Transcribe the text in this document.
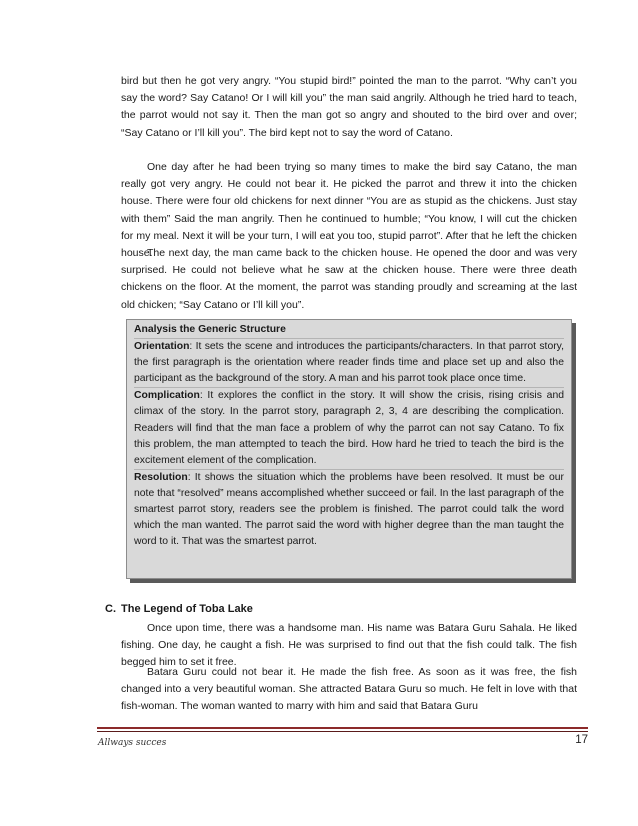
bird but then he got very angry. “You stupid bird!” pointed the man to the parrot. “Why can’t you say the word? Say Catano! Or I will kill you” the man said angrily. Although he tried hard to teach, the parrot would not say it. Then the man got so angry and shouted to the bird over and over; “Say Catano or I’ll kill you”. The bird kept not to say the word of Catano.

One day after he had been trying so many times to make the bird say Catano, the man really got very angry. He could not bear it. He picked the parrot and threw it into the chicken house. There were four old chickens for next dinner “You are as stupid as the chickens. Just stay with them” Said the man angrily. Then he continued to humble; “You know, I will cut the chicken for my meal. Next it will be your turn, I will eat you too, stupid parrot”. After that he left the chicken house.

The next day, the man came back to the chicken house. He opened the door and was very surprised. He could not believe what he saw at the chicken house. There were three death chickens on the floor. At the moment, the parrot was standing proudly and screaming at the last old chicken; “Say Catano or I’ll kill you”.

Analysis the Generic Structure
Orientation: It sets the scene and introduces the participants/characters. In that parrot story, the first paragraph is the orientation where reader finds time and place set up and also the participant as the background of the story. A man and his parrot took place once time.
Complication: It explores the conflict in the story. It will show the crisis, rising crisis and climax of the story. In the parrot story, paragraph 2, 3, 4 are describing the complication. Readers will find that the man face a problem of why the parrot can not say Catano. To fix this problem, the man attempted to teach the bird. How hard he tried to teach the bird is the excitement element of the complication.
Resolution: It shows the situation which the problems have been resolved. It must be our note that “resolved” means accomplished whether succeed or fail. In the last paragraph of the smartest parrot story, readers see the problem is finished. The parrot could talk the word which the man wanted. The parrot said the word with higher degree than the man taught the word to it. That was the smartest parrot.
C. The Legend of Toba Lake

Once upon time, there was a handsome man. His name was Batara Guru Sahala. He liked fishing. One day, he caught a fish. He was surprised to find out that the fish could talk. The fish begged him to set it free.

Batara Guru could not bear it. He made the fish free. As soon as it was free, the fish changed into a very beautiful woman. She attracted Batara Guru so much. He felt in love with that fish-woman. The woman wanted to marry with him and said that Batara Guru

Allways succes	17
